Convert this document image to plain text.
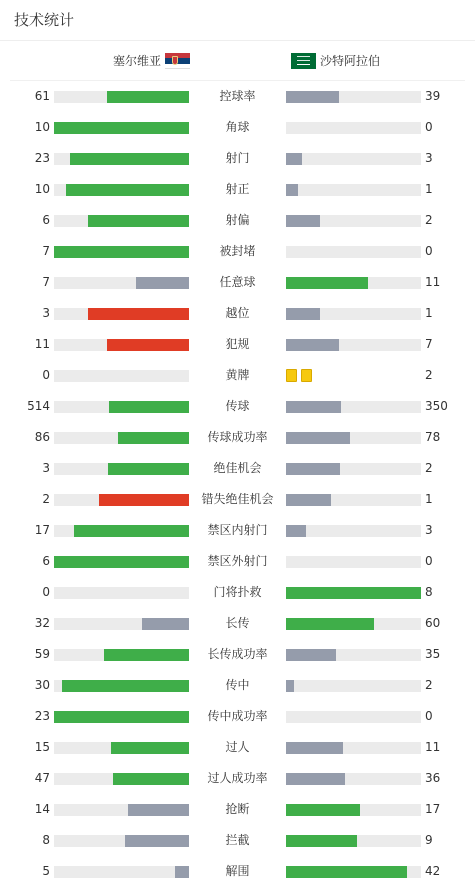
技术统计
塞尔维亚	沙特阿拉伯
61	控球率	39
10	角球	0
23	射门	3
10	射正	1
6	射偏	2
7	被封堵	0
7	任意球	11
3	越位	1
11	犯规	7
0	黄牌	2
514	传球	350
86	传球成功率	78
3	绝佳机会	2
2	错失绝佳机会	1
17	禁区内射门	3
6	禁区外射门	0
0	门将扑救	8
32	长传	60
59	长传成功率	35
30	传中	2
23	传中成功率	0
15	过人	11
47	过人成功率	36
14	抢断	17
8	拦截	9
5	解围	42
